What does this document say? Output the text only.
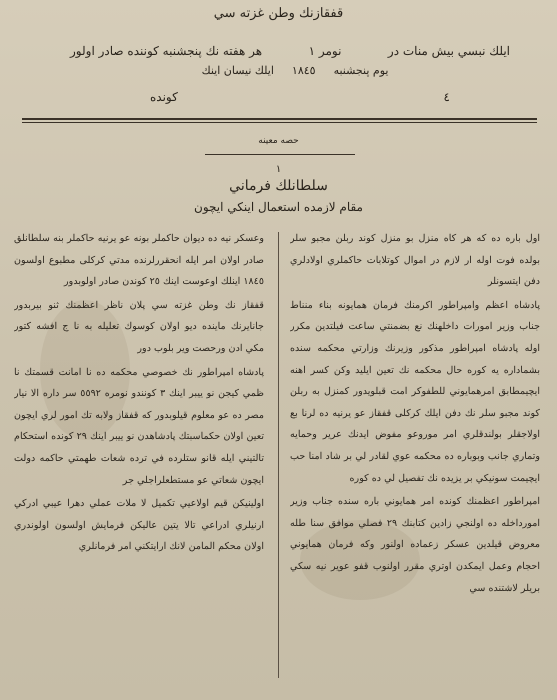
قفقازنك وطن غزته سي
ايلك نبسي بيش منات در
نومر ١
هر هفته نك پنجشنبه كوننده صادر اولور
يوم پنجشنبه
١٨٤٥
ايلك نيسان اينك
٤
كونده
حصه معينه
١
سلطانلك فرماني
مقام لازمده استعمال اينكي ايچون

اول باره ده كه هر كاه منزل بو منزل كوند ربلن مجبو سلر بولده فوت اوله ار لازم در اموال كوتلابات حاكملري اولادلري دفن ايتسونلر

پادشاه اعظم وامپراطور اكرمنك فرمان همايونه بناء منناط جناب وزير امورات داخلهنك نع بضمنتي ساعت فيلتدين مكرر اوله پادشاه امپراطور مذكور وزيرنك وزارتي محكمه سنده بشماداره يه كوره حال محكمه نك تعين ايليد وكن كسر اهنه ايچيمطابق امرهمايوني للطفوكر امت قبلويدور كمنزل به ربلن كوند مجبو سلر نك دفن ايلك كركلى قفقاز عو يرنيه ده لرنا بع اولاجقلر بولندقلري امر موروعو مفوض ايدنك عرير وحمايه وتماري جانب وبوباره ده محكمه عوي لقادر لي بر شاد امنا حب ايچيمت سونيكي بر يزيده نك تفصيل لي ده كوره

امپراطور اعظمنك كونده امر همايوني باره سنده جناب وزير امورداخله ده اولنجي زادين كتابنك ٢٩ فصلي موافق سنا طله معروض قيلدين عسكر زعماده اولنور وكه فرمان همايوني احجام وعمل ايمكدن اوتري مقرر اولنوب قفو عوير نيه سكي بريلر لاشتنده سي

وعسكر نيه ده ديوان حاكملر بونه عو يرنيه حاكملر بنه سلطانلق صادر اولان امر ايله انحقررلرنده مدتي كركلى مطبوع اولسون ١٨٤٥ اينلك اوعوست اينك ٢٥ كوندن صادر اولوبدور

قفقاز نك وطن غزته سي پلان ناظر اعظمنك ثنو بيربدور جانايرنك ماينده ديو اولان كوسوك تعليله به نا ج افشه كتور مكي ادن ورحصت وير بلوب دور

پادشاه امپراطور نك خصوصي محكمه ده نا امانت قسمتك نا ظمي كيجن نو ييبر اينك ٣ كونندو نومره ٥٥٩٢ سر داره الا نيار مصر ده عو معلوم قيلوبدور كه قفقاز ولابه تك امور لري ايچون تعين اولان حكماسبتك پادشاهدن نو ييبر اينك ٢٩ كونده استحكام تالتيني ايله قانو ستلرده في ترده شعات طهمتي حاكمه دولت ايچون شعاتي عو مستطعلراجلي جر

اولينيكن قيم اولاعيي تكميل لا ملات عملي دهرا عيبي ادركي ارنيلري ادراعي تالا يتين عاليكن فرمايش اولسون اولوندري اولان محكم المامن لانك ارايتكني امر فرمانلري
